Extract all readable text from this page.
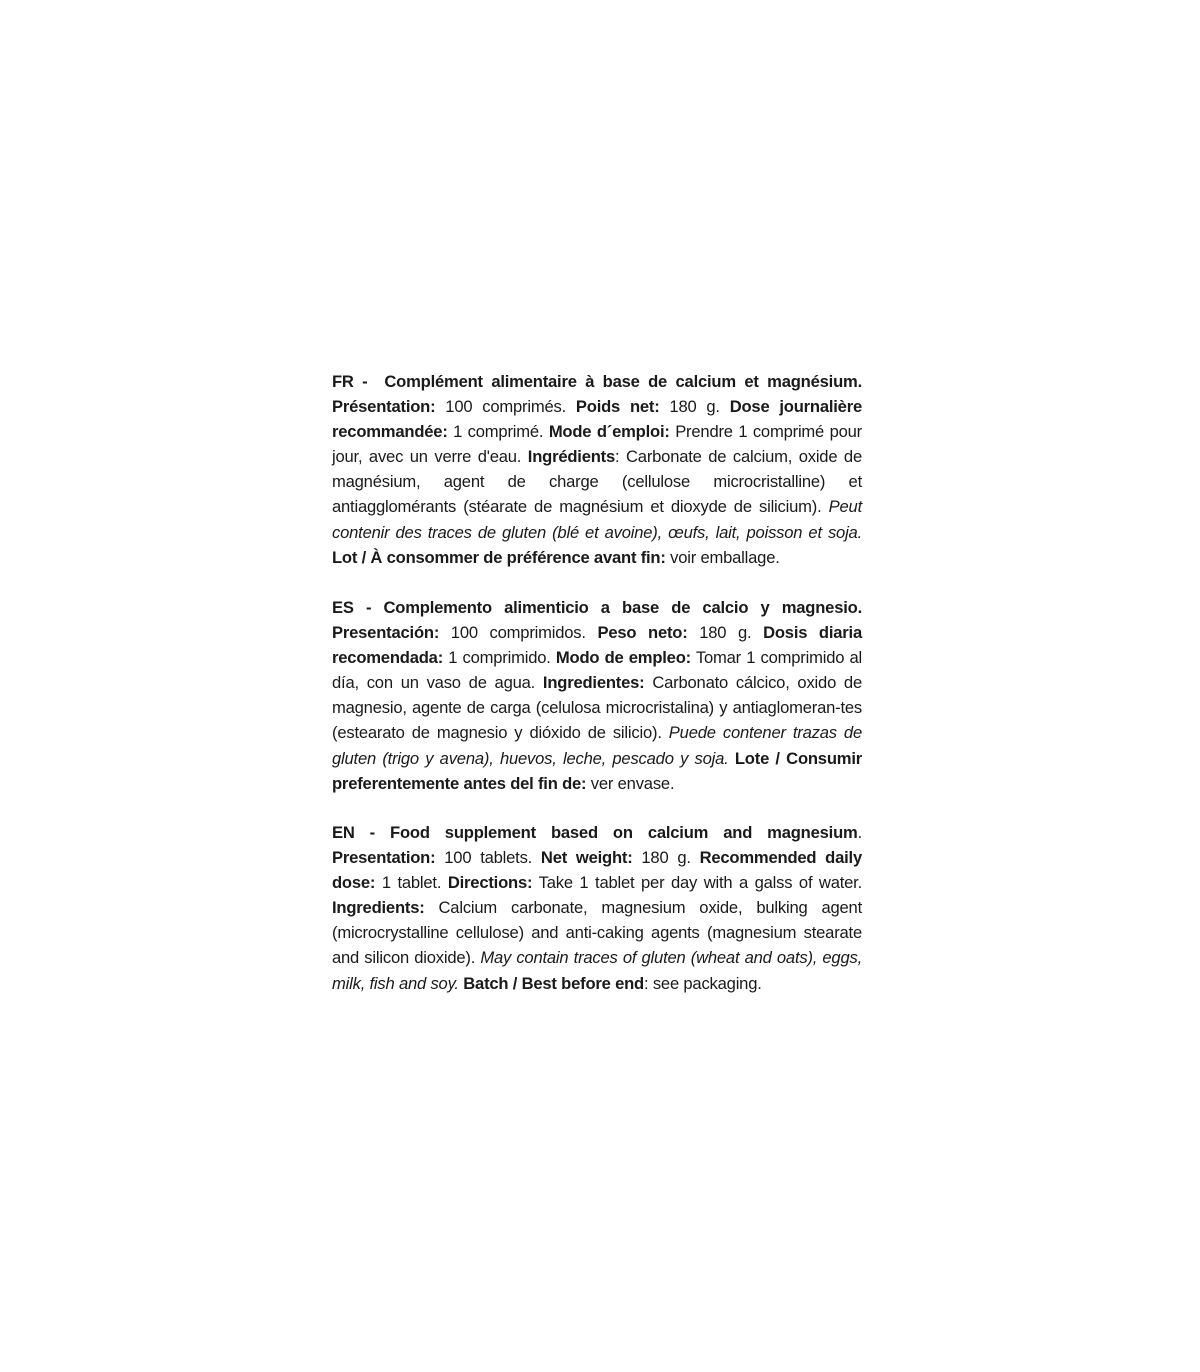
FR - Complément alimentaire à base de calcium et magnésium. Présentation: 100 comprimés. Poids net: 180 g. Dose journalière recommandée: 1 comprimé. Mode d´emploi: Prendre 1 comprimé pour jour, avec un verre d'eau. Ingrédients: Carbonate de calcium, oxide de magnésium, agent de charge (cellulose microcristalline) et antiagglomérants (stéarate de magnésium et dioxyde de silicium). Peut contenir des traces de gluten (blé et avoine), œufs, lait, poisson et soja. Lot / À consommer de préférence avant fin: voir emballage.
ES - Complemento alimenticio a base de calcio y magnesio. Presentación: 100 comprimidos. Peso neto: 180 g. Dosis diaria recomendada: 1 comprimido. Modo de empleo: Tomar 1 comprimido al día, con un vaso de agua. Ingredientes: Carbonato cálcico, oxido de magnesio, agente de carga (celulosa microcristalina) y antiaglomeran-tes (estearato de magnesio y dióxido de silicio). Puede contener trazas de gluten (trigo y avena), huevos, leche, pescado y soja. Lote / Consumir preferentemente antes del fin de: ver envase.
EN - Food supplement based on calcium and magnesium. Presentation: 100 tablets. Net weight: 180 g. Recommended daily dose: 1 tablet. Directions: Take 1 tablet per day with a galss of water. Ingredients: Calcium carbonate, magnesium oxide, bulking agent (microcrystalline cellulose) and anti-caking agents (magnesium stearate and silicon dioxide). May contain traces of gluten (wheat and oats), eggs, milk, fish and soy. Batch / Best before end: see packaging.
